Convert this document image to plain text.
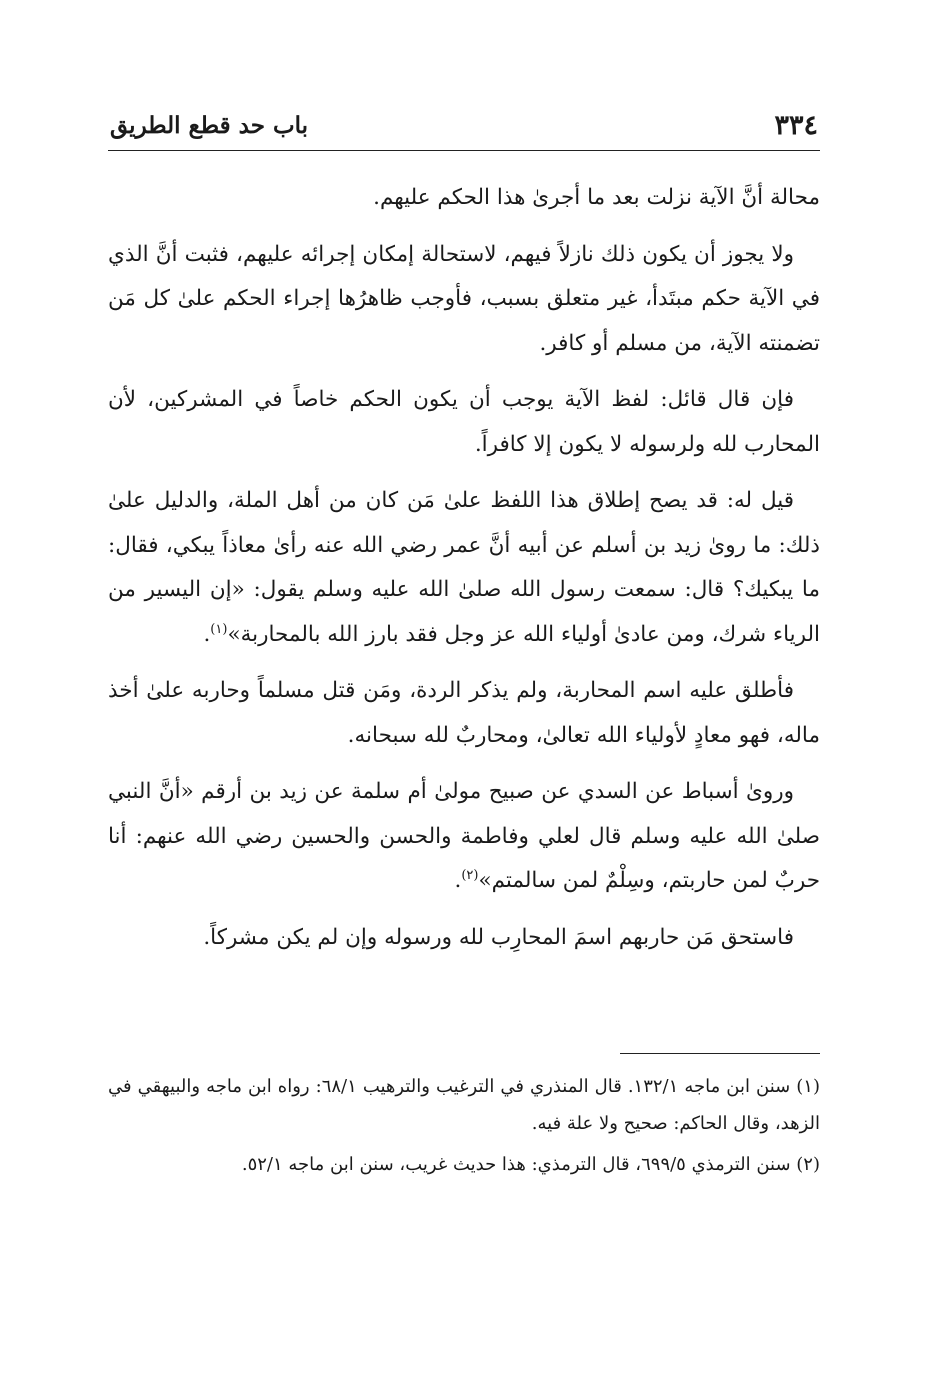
٣٣٤
باب حد قطع الطريق

محالة أنَّ الآية نزلت بعد ما أجرىٰ هذا الحكم عليهم.

ولا يجوز أن يكون ذلك نازلاً فيهم، لاستحالة إمكان إجرائه عليهم، فثبت أنَّ الذي في الآية حكم مبتَدأ، غير متعلق بسبب، فأوجب ظاهرُها إجراء الحكم علىٰ كل مَن تضمنته الآية، من مسلم أو كافر.

فإن قال قائل: لفظ الآية يوجب أن يكون الحكم خاصاً في المشركين، لأن المحارب لله ولرسوله لا يكون إلا كافراً.

قيل له: قد يصح إطلاق هذا اللفظ علىٰ مَن كان من أهل الملة، والدليل علىٰ ذلك: ما روىٰ زيد بن أسلم عن أبيه أنَّ عمر رضي الله عنه رأىٰ معاذاً يبكي، فقال: ما يبكيك؟ قال: سمعت رسول الله صلىٰ الله عليه وسلم يقول: «إن اليسير من الرياء شرك، ومن عادىٰ أولياء الله عز وجل فقد بارز الله بالمحاربة»$^{(١)}$.

فأطلق عليه اسم المحاربة، ولم يذكر الردة، ومَن قتل مسلماً وحاربه علىٰ أخذ ماله، فهو معادٍ لأولياء الله تعالىٰ، ومحاربٌ لله سبحانه.

وروىٰ أسباط عن السدي عن صبيح مولىٰ أم سلمة عن زيد بن أرقم «أنَّ النبي صلىٰ الله عليه وسلم قال لعلي وفاطمة والحسن والحسين رضي الله عنهم: أنا حربٌ لمن حاربتم، وسِلْمٌ لمن سالمتم»$^{(٢)}$.

فاستحق مَن حاربهم اسمَ المحارِب لله ورسوله وإن لم يكن مشركاً.

(١) سنن ابن ماجه ١٣٢/١. قال المنذري في الترغيب والترهيب ٦٨/١: رواه ابن ماجه والبيهقي في الزهد، وقال الحاكم: صحيح ولا علة فيه.

(٢) سنن الترمذي ٦٩٩/٥، قال الترمذي: هذا حديث غريب، سنن ابن ماجه ٥٢/١.
